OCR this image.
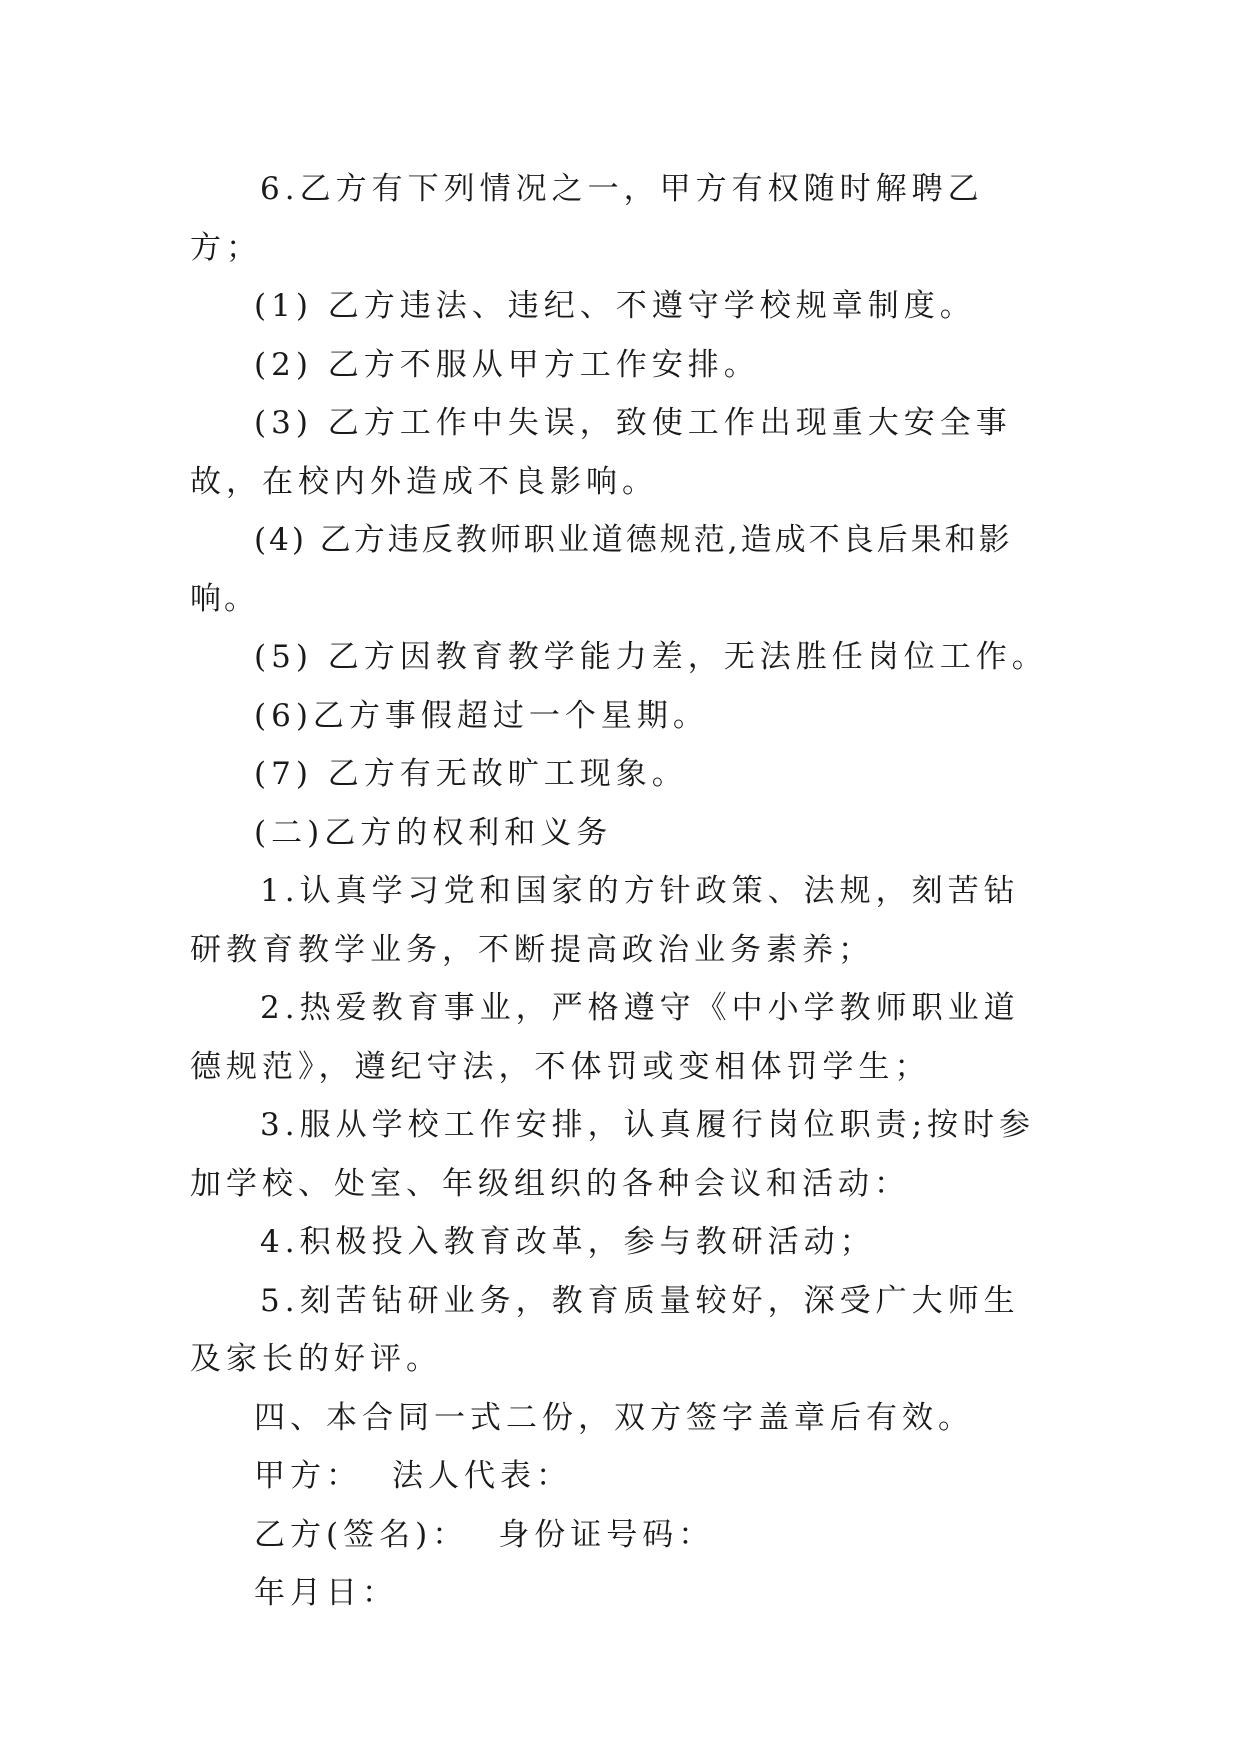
6.乙方有下列情况之一，甲方有权随时解聘乙方；

(1) 乙方违法、违纪、不遵守学校规章制度。

(2) 乙方不服从甲方工作安排。

(3) 乙方工作中失误，致使工作出现重大安全事故，在校内外造成不良影响。

(4) 乙方违反教师职业道德规范,造成不良后果和影响。

(5) 乙方因教育教学能力差，无法胜任岗位工作。

(6)乙方事假超过一个星期。

(7) 乙方有无故旷工现象。

(二)乙方的权利和义务

1.认真学习党和国家的方针政策、法规，刻苦钻研教育教学业务，不断提高政治业务素养；

2.热爱教育事业，严格遵守《中小学教师职业道德规范》，遵纪守法，不体罚或变相体罚学生；

3.服从学校工作安排，认真履行岗位职责;按时参加学校、处室、年级组织的各种会议和活动：

4.积极投入教育改革，参与教研活动；

5.刻苦钻研业务，教育质量较好，深受广大师生及家长的好评。

四、本合同一式二份，双方签字盖章后有效。

甲方： 法人代表：

乙方(签名)： 身份证号码：

年月日：
